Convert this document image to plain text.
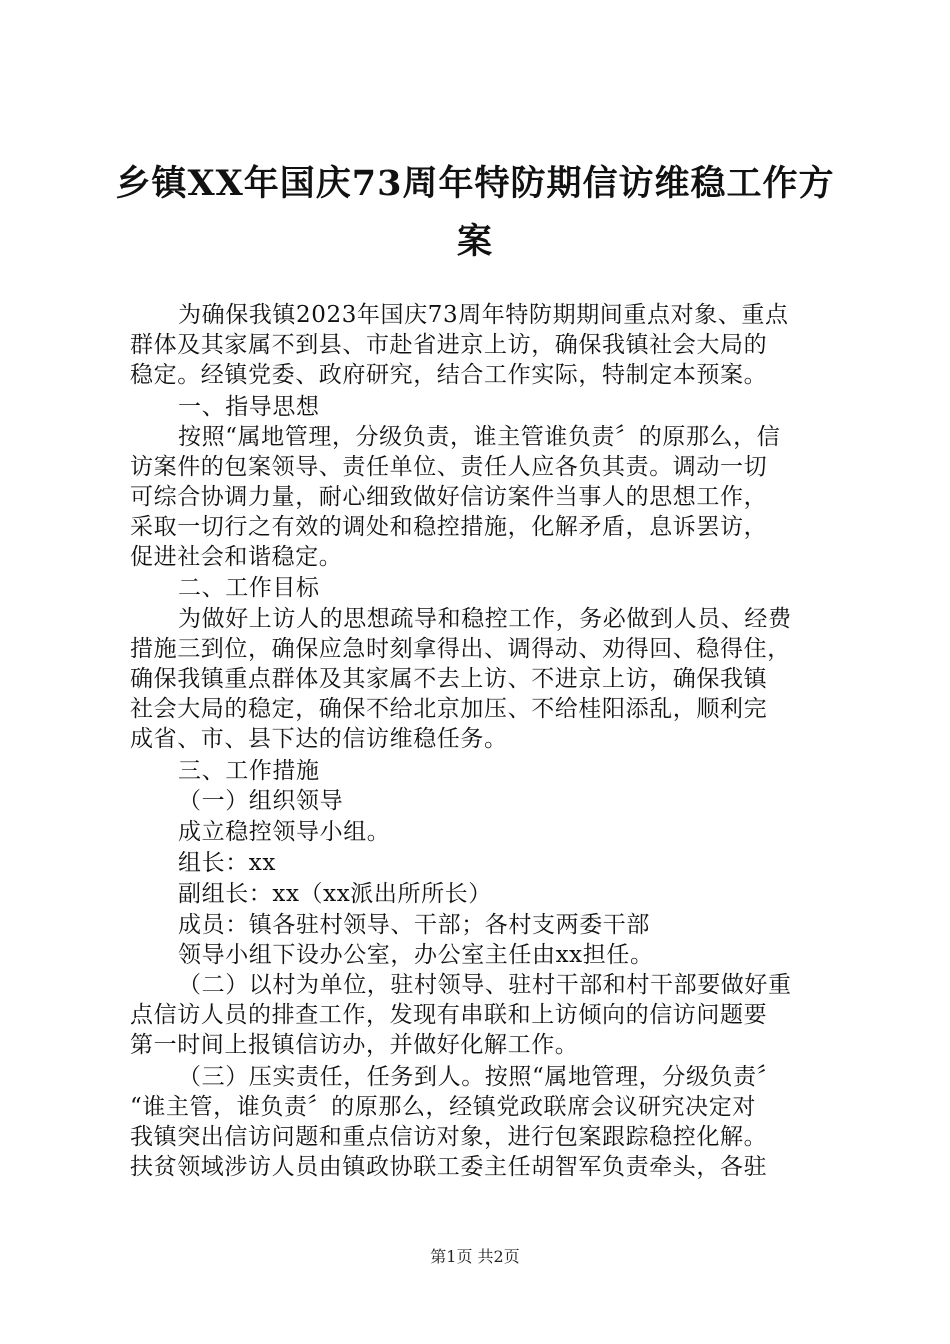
乡镇XX年国庆73周年特防期信访维稳工作方
案
为确保我镇2023年国庆73周年特防期期间重点对象、重点
群体及其家属不到县、市赴省进京上访，确保我镇社会大局的
稳定。经镇党委、政府研究，结合工作实际，特制定本预案。
一、指导思想
按照“属地管理，分级负责，谁主管谁负责〞的原那么，信
访案件的包案领导、责任单位、责任人应各负其责。调动一切
可综合协调力量，耐心细致做好信访案件当事人的思想工作，
采取一切行之有效的调处和稳控措施，化解矛盾，息诉罢访，
促进社会和谐稳定。
二、工作目标
为做好上访人的思想疏导和稳控工作，务必做到人员、经费
措施三到位，确保应急时刻拿得出、调得动、劝得回、稳得住，
确保我镇重点群体及其家属不去上访、不进京上访，确保我镇
社会大局的稳定，确保不给北京加压、不给桂阳添乱，顺利完
成省、市、县下达的信访维稳任务。
三、工作措施
（一）组织领导
成立稳控领导小组。
组长：xx
副组长：xx（xx派出所所长）
成员：镇各驻村领导、干部；各村支两委干部
领导小组下设办公室，办公室主任由xx担任。
（二）以村为单位，驻村领导、驻村干部和村干部要做好重
点信访人员的排查工作，发现有串联和上访倾向的信访问题要
第一时间上报镇信访办，并做好化解工作。
（三）压实责任，任务到人。按照“属地管理，分级负责〞
“谁主管，谁负责〞的原那么，经镇党政联席会议研究决定对
我镇突出信访问题和重点信访对象，进行包案跟踪稳控化解。
扶贫领域涉访人员由镇政协联工委主任胡智军负责牵头，各驻
第1页 共2页
